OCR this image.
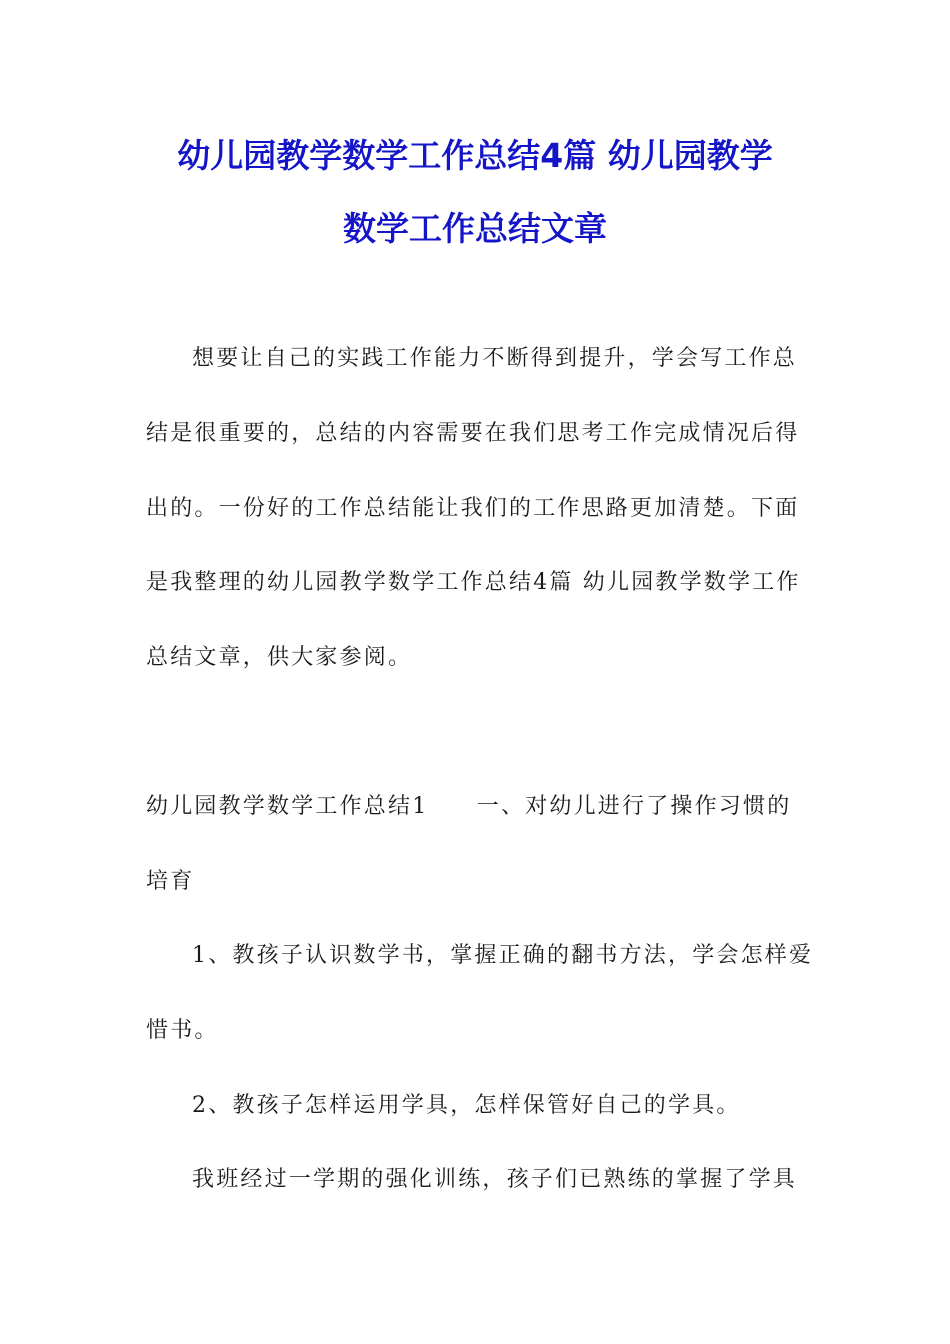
幼儿园教学数学工作总结4篇 幼儿园教学
数学工作总结文章

想要让自己的实践工作能力不断得到提升，学会写工作总

结是很重要的，总结的内容需要在我们思考工作完成情况后得

出的。一份好的工作总结能让我们的工作思路更加清楚。下面

是我整理的幼儿园教学数学工作总结4篇 幼儿园教学数学工作

总结文章，供大家参阅。

幼儿园教学数学工作总结1　　一、对幼儿进行了操作习惯的

培育

1、教孩子认识数学书，掌握正确的翻书方法，学会怎样爱

惜书。

2、教孩子怎样运用学具，怎样保管好自己的学具。

我班经过一学期的强化训练，孩子们已熟练的掌握了学具
